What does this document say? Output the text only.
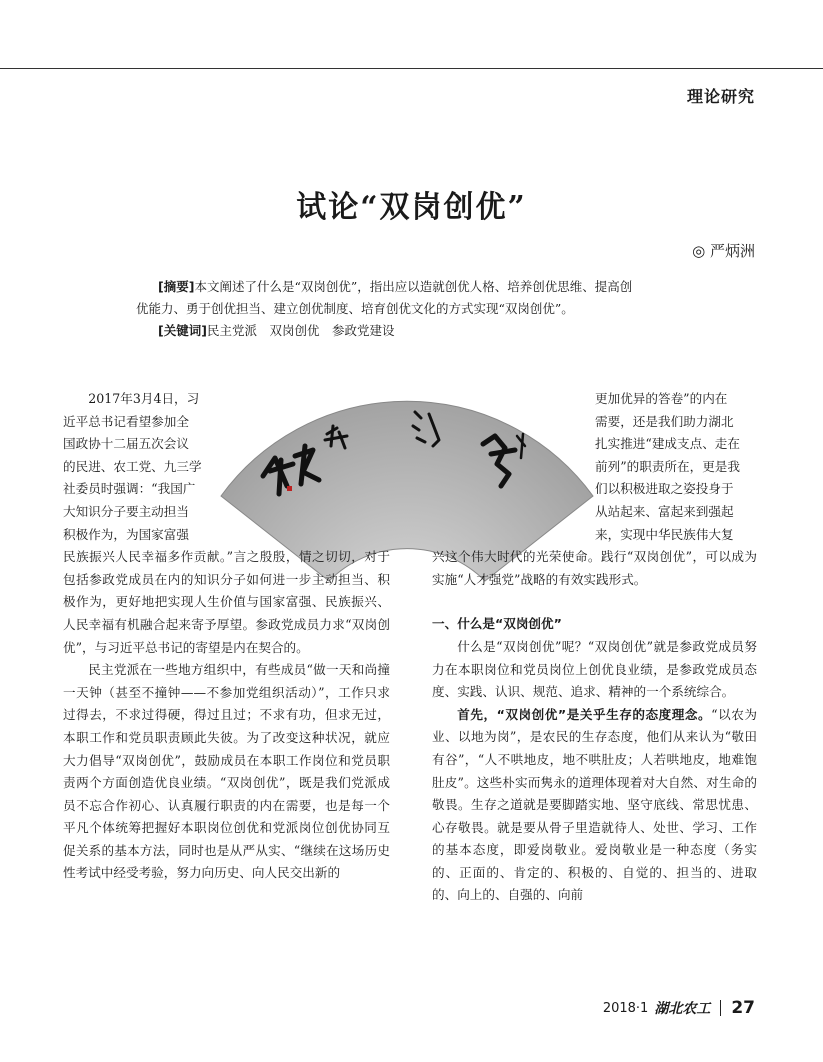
理论研究
试论“双岗创优”
◎ 严炳洲

[摘要]本文阐述了什么是“双岗创优”，指出应以造就创优人格、培养创优思维、提高创

优能力、勇于创优担当、建立创优制度、培育创优文化的方式实现“双岗创优”。

[关键词]民主党派　双岗创优　参政党建设

2017年3月4日，习
近平总书记看望参加全
国政协十二届五次会议
的民进、农工党、九三学
社委员时强调：“我国广
大知识分子要主动担当
积极作为，为国家富强

民族振兴人民幸福多作贡献。”言之殷殷，情之切切，对于包括参政党成员在内的知识分子如何进一步主动担当、积极作为，更好地把实现人生价值与国家富强、民族振兴、人民幸福有机融合起来寄予厚望。参政党成员力求“双岗创优”，与习近平总书记的寄望是内在契合的。

民主党派在一些地方组织中，有些成员“做一天和尚撞一天钟（甚至不撞钟——不参加党组织活动）”，工作只求过得去，不求过得硬，得过且过；不求有功，但求无过，本职工作和党员职责顾此失彼。为了改变这种状况，就应大力倡导“双岗创优”，鼓励成员在本职工作岗位和党员职责两个方面创造优良业绩。“双岗创优”，既是我们党派成员不忘合作初心、认真履行职责的内在需要，也是每一个平凡个体统筹把握好本职岗位创优和党派岗位创优协同互促关系的基本方法，同时也是从严从实、“继续在这场历史性考试中经受考验，努力向历史、向人民交出新的

更加优异的答卷”的内在
需要，还是我们助力湖北
扎实推进“建成支点、走在
前列”的职责所在，更是我
们以积极进取之姿投身于
从站起来、富起来到强起
来，实现中华民族伟大复

兴这个伟大时代的光荣使命。践行“双岗创优”，可以成为实施“人才强党”战略的有效实践形式。

一、什么是“双岗创优”

什么是“双岗创优”呢？“双岗创优”就是参政党成员努力在本职岗位和党员岗位上创优良业绩，是参政党成员态度、实践、认识、规范、追求、精神的一个系统综合。

首先，“双岗创优”是关乎生存的态度理念。“以农为业、以地为岗”，是农民的生存态度，他们从来认为“敬田有谷”，“人不哄地皮，地不哄肚皮；人若哄地皮，地难饱肚皮”。这些朴实而隽永的道理体现着对大自然、对生命的敬畏。生存之道就是要脚踏实地、坚守底线、常思忧患、心存敬畏。就是要从骨子里造就待人、处世、学习、工作的基本态度，即爱岗敬业。爱岗敬业是一种态度（务实的、正面的、肯定的、积极的、自觉的、担当的、进取的、向上的、自强的、向前

2018·1 湖北农工 27
